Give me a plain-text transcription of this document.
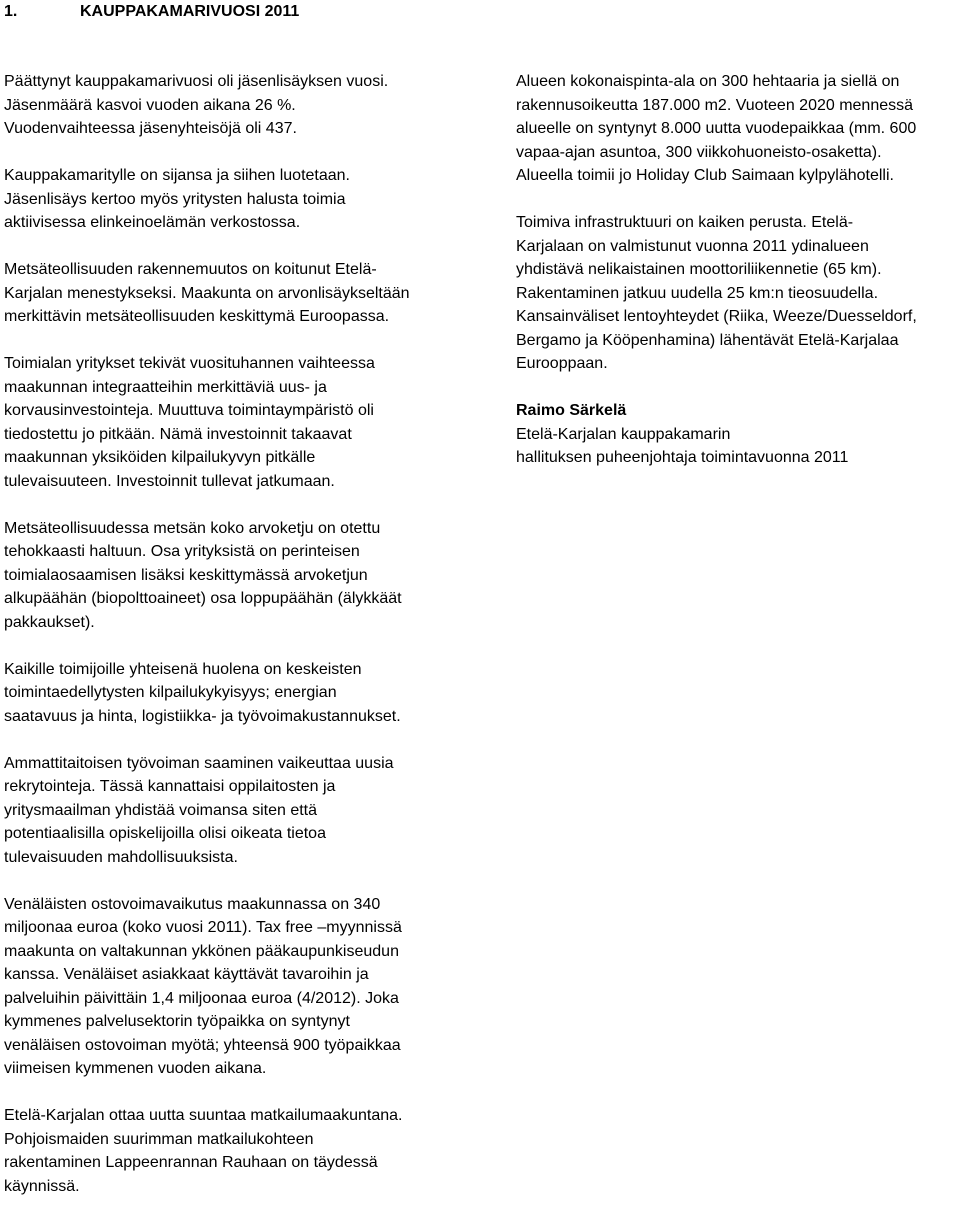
1.	KAUPPAKAMARIVUOSI 2011
Päättynyt kauppakamarivuosi oli jäsenlisäyksen vuosi.
Jäsenmäärä kasvoi vuoden aikana 26 %.
Vuodenvaihteessa jäsenyhteisöjä oli 437.
Kauppakamaritylle on sijansa ja siihen luotetaan.
Jäsenlisäys kertoo myös yritysten halusta toimia
aktiivisessa elinkeinoelämän verkostossa.
Metsäteollisuuden rakennemuutos on koitunut Etelä-
Karjalan menestykseksi. Maakunta on arvonlisäykseltään
merkittävin metsäteollisuuden keskittymä Euroopassa.
Toimialan yritykset tekivät vuosituhannen vaihteessa
maakunnan integraatteihin merkittäviä uus- ja
korvausinvestointeja. Muuttuva toimintaympäristö oli
tiedostettu jo pitkään. Nämä investoinnit takaavat
maakunnan yksiköiden kilpailukyvyn pitkälle
tulevaisuuteen. Investoinnit tullevat jatkumaan.
Metsäteollisuudessa metsän koko arvoketju on otettu
tehokkaasti haltuun. Osa yrityksistä on perinteisen
toimialaosaamisen lisäksi keskittymässä arvoketjun
alkupäähän (biopolttoaineet) osa loppupäähän (älykkäät
pakkaukset).
Kaikille toimijoille yhteisenä huolena on keskeisten
toimintaedellytysten kilpailukykyisyys; energian
saatavuus ja hinta, logistiikka- ja työvoimakustannukset.
Ammattitaitoisen työvoiman saaminen vaikeuttaa uusia
rekrytointeja. Tässä kannattaisi oppilaitosten ja
yritysmaailman yhdistää voimansa siten että
potentiaalisilla opiskelijoilla olisi oikeata tietoa
tulevaisuuden mahdollisuuksista.
Venäläisten ostovoimavaikutus maakunnassa on 340
miljoonaa euroa (koko vuosi 2011). Tax free –myynnissä
maakunta on valtakunnan ykkönen pääkaupunkiseudun
kanssa. Venäläiset asiakkaat käyttävät tavaroihin ja
palveluihin päivittäin 1,4 miljoonaa euroa (4/2012). Joka
kymmenes palvelusektorin työpaikka on syntynyt
venäläisen ostovoiman myötä; yhteensä 900 työpaikkaa
viimeisen kymmenen vuoden aikana.
Etelä-Karjalan ottaa uutta suuntaa matkailumaakuntana.
Pohjoismaiden suurimman matkailukohteen
rakentaminen Lappeenrannan Rauhaan on täydessä
käynnissä.
Alueen kokonaispinta-ala on 300 hehtaaria ja siellä on
rakennusoikeutta 187.000 m2. Vuoteen 2020 mennessä
alueelle on syntynyt 8.000 uutta vuodepaikkaa (mm. 600
vapaa-ajan asuntoa, 300 viikkohuoneisto-osaketta).
Alueella toimii jo Holiday Club Saimaan kylpylähotelli.
Toimiva infrastruktuuri on kaiken perusta. Etelä-
Karjalaan on valmistunut vuonna 2011 ydinalueen
yhdistävä nelikaistainen moottoriliikennetie (65 km).
Rakentaminen jatkuu uudella 25 km:n tieosuudella.
Kansainväliset lentoyhteydet (Riika, Weeze/Duesseldorf,
Bergamo ja Kööpenhamina) lähentävät Etelä-Karjalaa
Eurooppaan.
Raimo Särkelä
Etelä-Karjalan kauppakamarin
hallituksen puheenjohtaja toimintavuonna 2011
